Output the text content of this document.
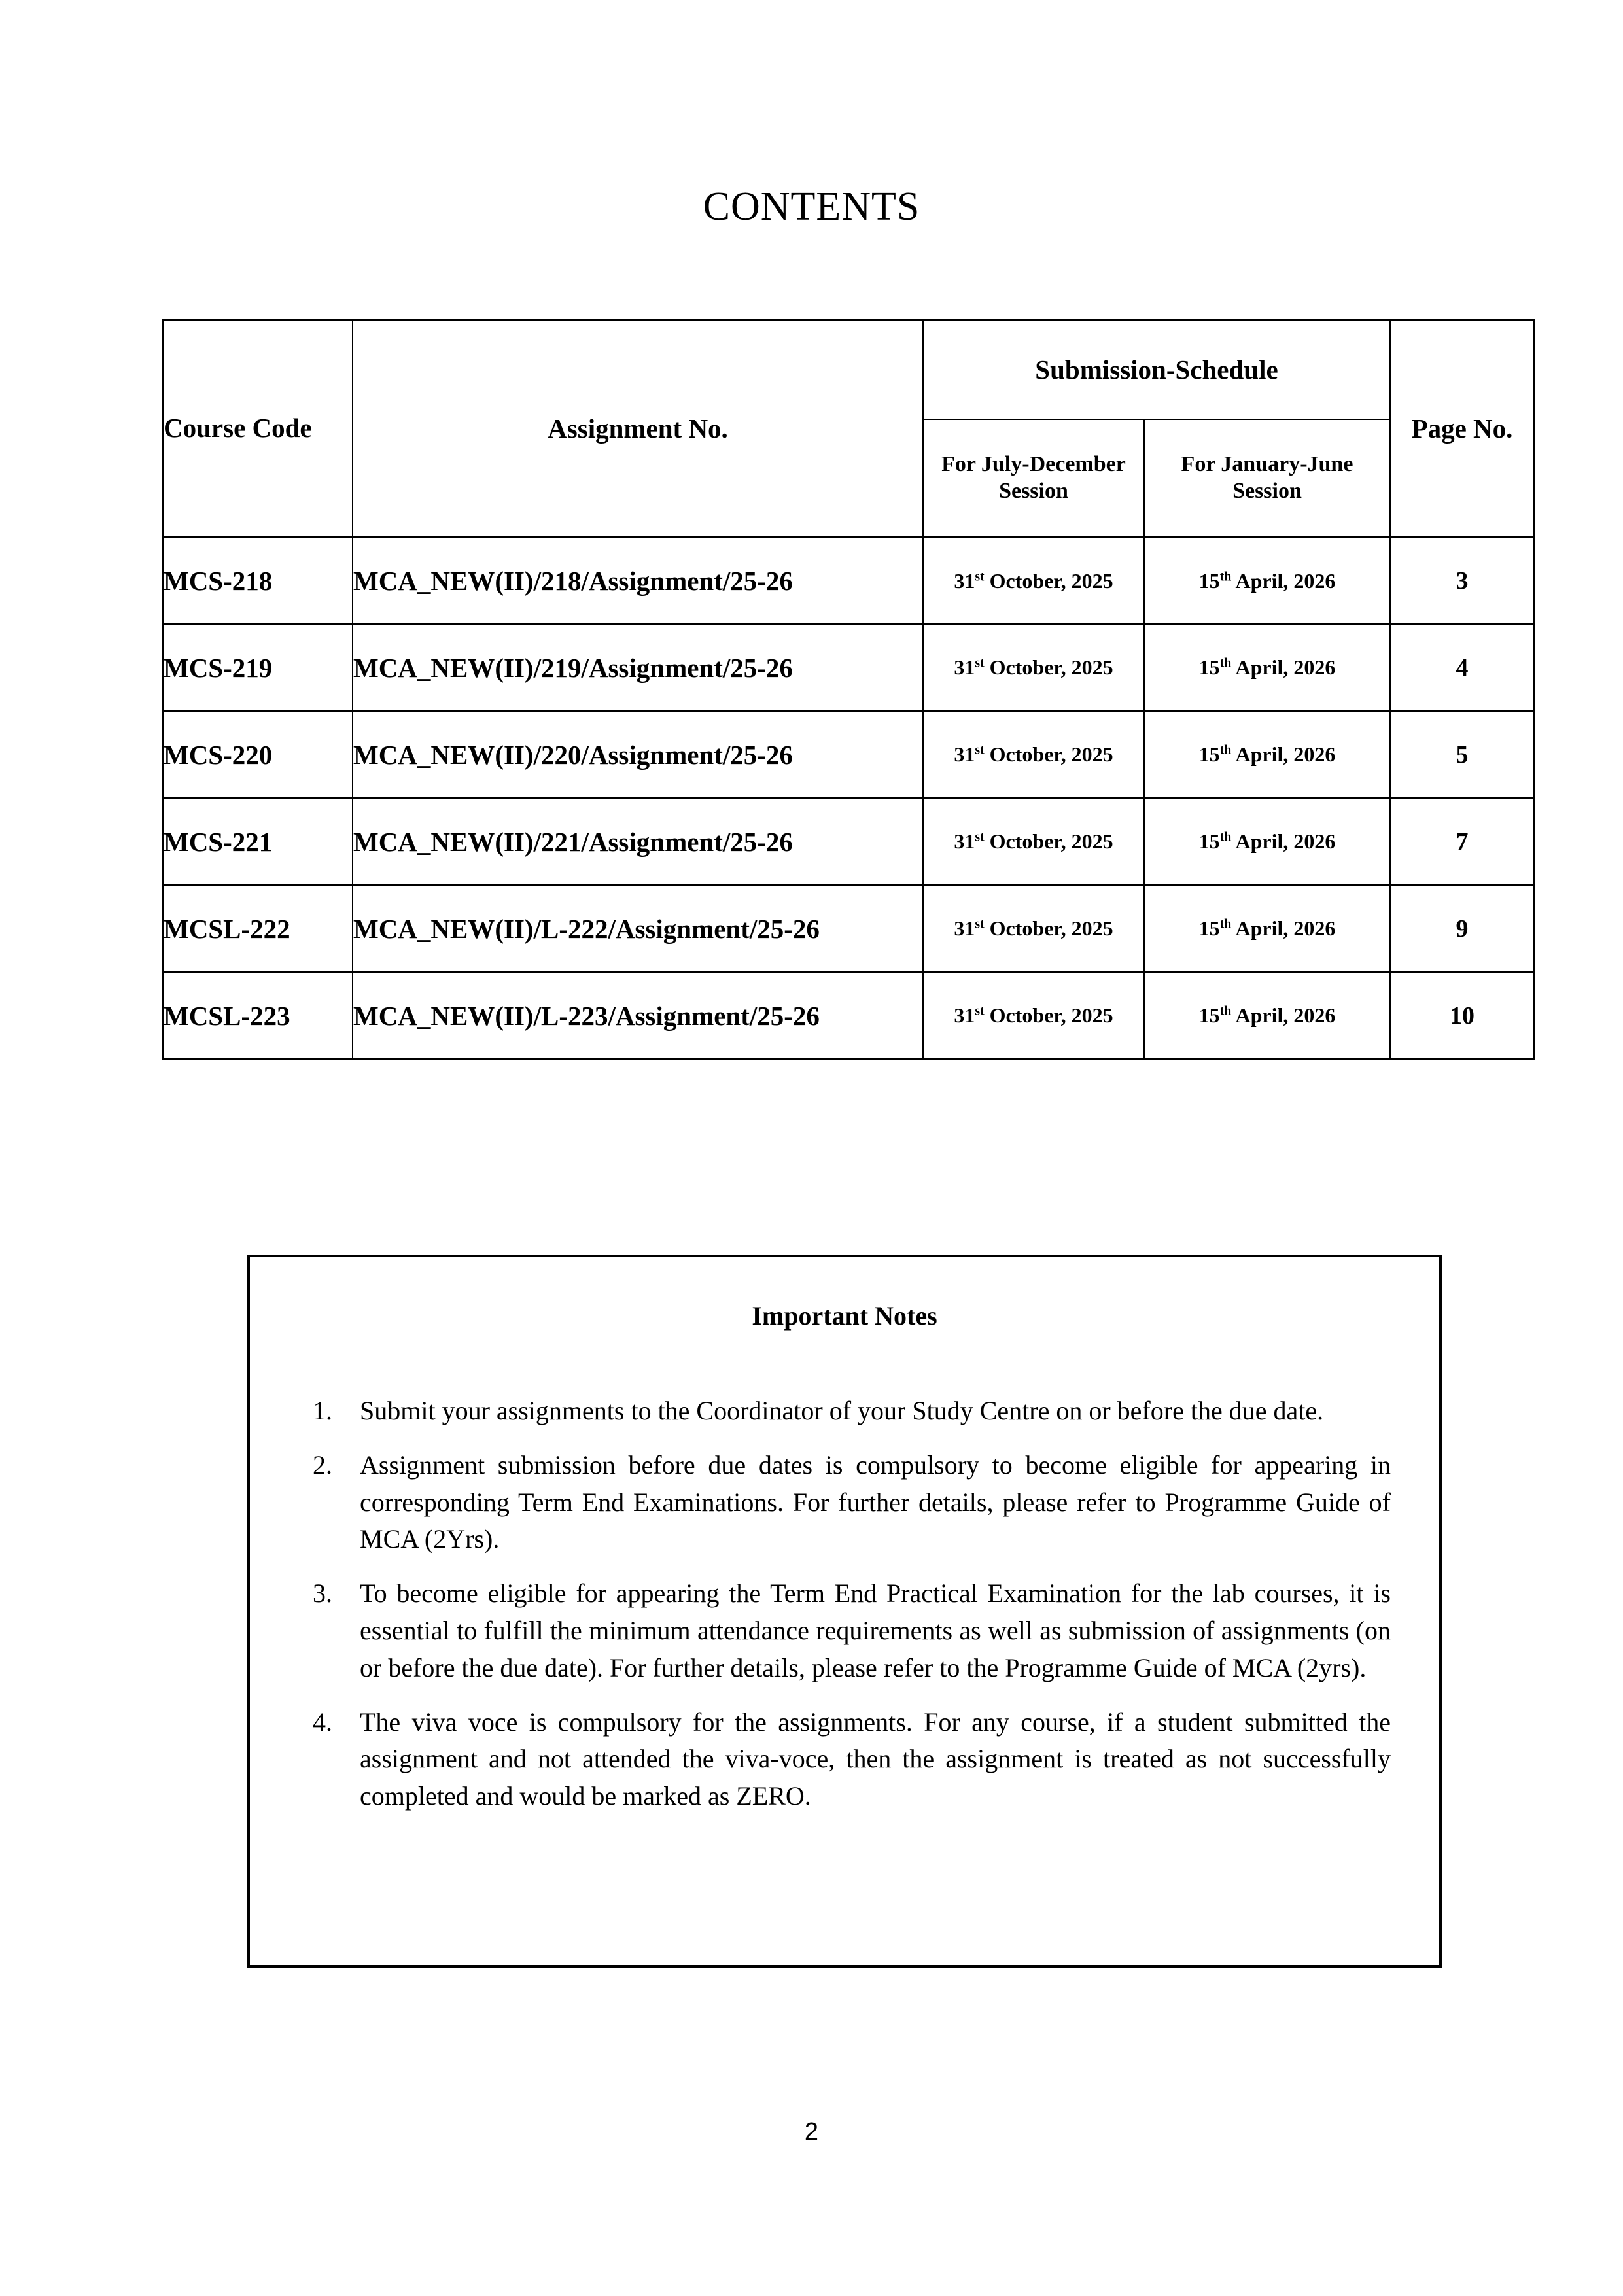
CONTENTS
Course Code	Assignment No.	Submission-Schedule		Page No.
		For July-December Session	For January-June Session	
MCS-218	MCA_NEW(II)/218/Assignment/25-26	31st October, 2025	15th April, 2026	3
MCS-219	MCA_NEW(II)/219/Assignment/25-26	31st October, 2025	15th April, 2026	4
MCS-220	MCA_NEW(II)/220/Assignment/25-26	31st October, 2025	15th April, 2026	5
MCS-221	MCA_NEW(II)/221/Assignment/25-26	31st October, 2025	15th April, 2026	7
MCSL-222	MCA_NEW(II)/L-222/Assignment/25-26	31st October, 2025	15th April, 2026	9
MCSL-223	MCA_NEW(II)/L-223/Assignment/25-26	31st October, 2025	15th April, 2026	10
Important Notes
1.	Submit your assignments to the Coordinator of your Study Centre on or before the due date.
2.	Assignment submission before due dates is compulsory to become eligible for appearing in corresponding Term End Examinations. For further details, please refer to Programme Guide of MCA (2Yrs).
3.	To become eligible for appearing the Term End Practical Examination for the lab courses, it is essential to fulfill the minimum attendance requirements as well as submission of assignments (on or before the due date). For further details, please refer to the Programme Guide of MCA (2yrs).
4.	The viva voce is compulsory for the assignments. For any course, if a student submitted the assignment and not attended the viva-voce, then the assignment is treated as not successfully completed and would be marked as ZERO.
2
